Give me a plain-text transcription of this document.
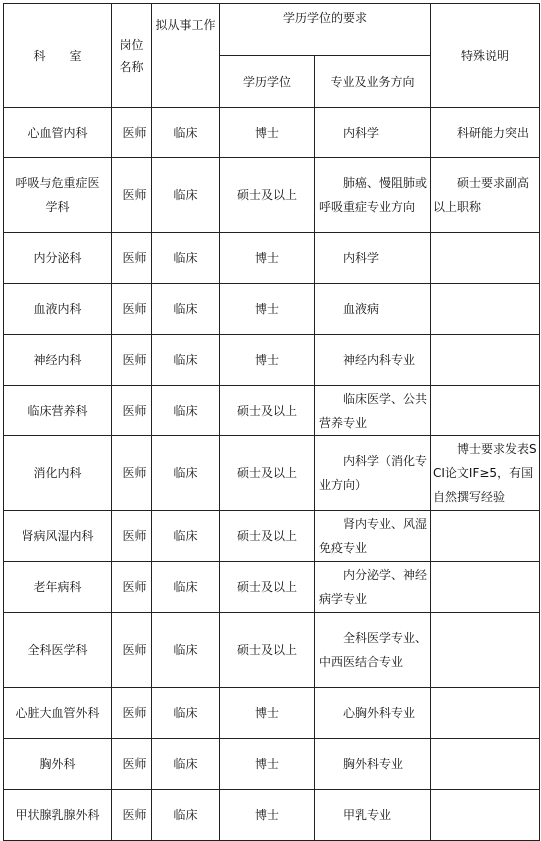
科　　室	岗位名称	拟从事工作	学历学位的要求		特殊说明
			学历学位	专业及业务方向	
心血管内科	医师	临床	博士	内科学	科研能力突出
呼吸与危重症医学科	医师	临床	硕士及以上	肺癌、慢阻肺或呼吸重症专业方向	硕士要求副高以上职称
内分泌科	医师	临床	博士	内科学	
血液内科	医师	临床	博士	血液病	
神经内科	医师	临床	博士	神经内科专业	
临床营养科	医师	临床	硕士及以上	临床医学、公共营养专业	
消化内科	医师	临床	硕士及以上	内科学（消化专业方向）	博士要求发表SCI论文IF≥5，有国自然撰写经验
肾病风湿内科	医师	临床	硕士及以上	肾内专业、风湿免疫专业	
老年病科	医师	临床	硕士及以上	内分泌学、神经病学专业	
全科医学科	医师	临床	硕士及以上	全科医学专业、中西医结合专业	
心脏大血管外科	医师	临床	博士	心胸外科专业	
胸外科	医师	临床	博士	胸外科专业	
甲状腺乳腺外科	医师	临床	博士	甲乳专业	
